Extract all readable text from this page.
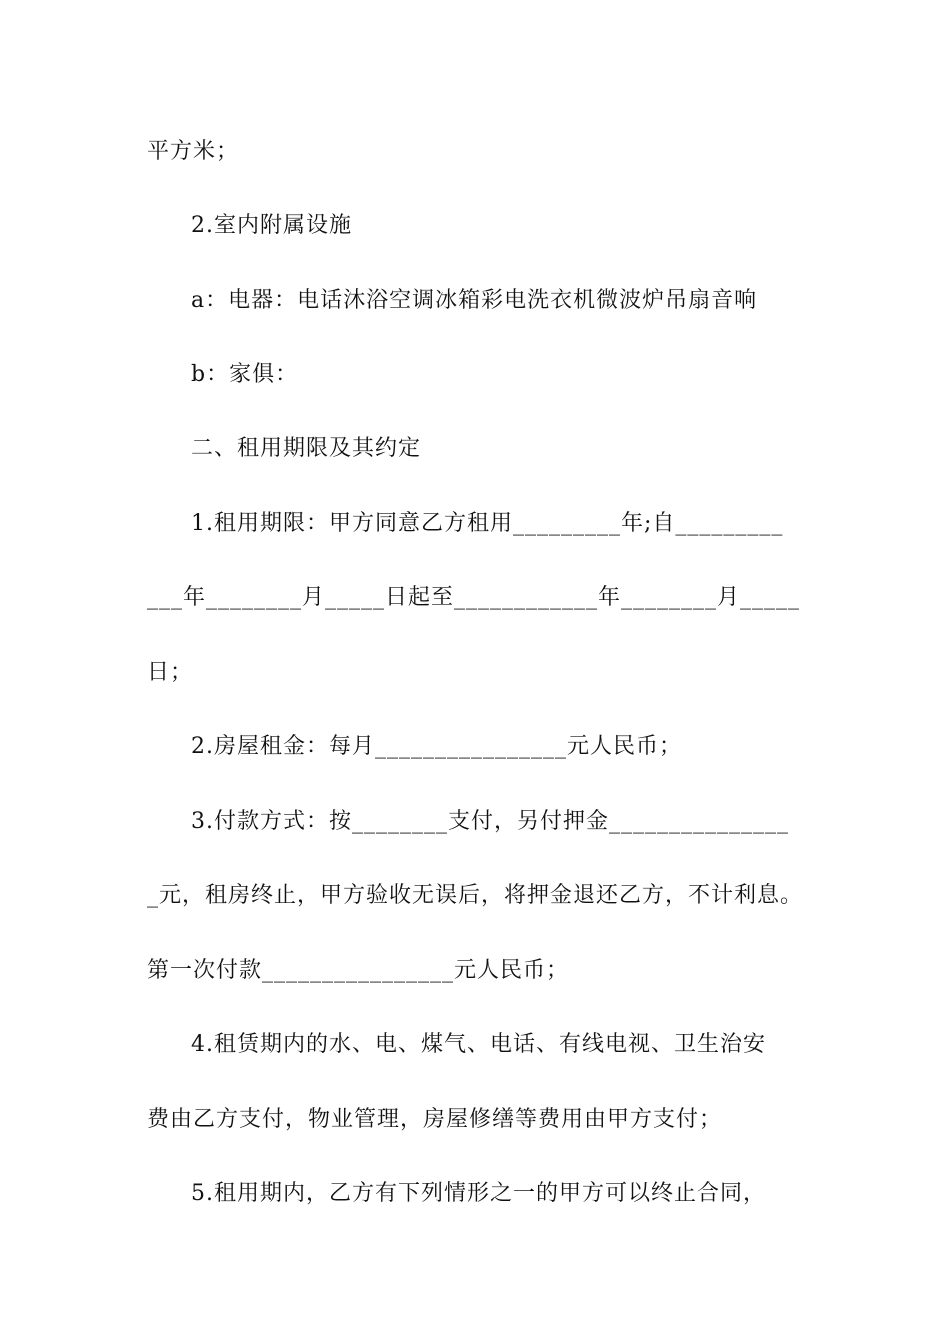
平方米；
2.室内附属设施
a：电器：电话沐浴空调冰箱彩电洗衣机微波炉吊扇音响
b：家俱：
二、租用期限及其约定
1.租用期限：甲方同意乙方租用_________年;自_________
___年________月_____日起至____________年________月_____
日；
2.房屋租金：每月________________元人民币；
3.付款方式：按________支付，另付押金_______________
_元，租房终止，甲方验收无误后，将押金退还乙方，不计利息。
第一次付款________________元人民币；
4.租赁期内的水、电、煤气、电话、有线电视、卫生治安
费由乙方支付，物业管理，房屋修缮等费用由甲方支付；
5.租用期内，乙方有下列情形之一的甲方可以终止合同，
